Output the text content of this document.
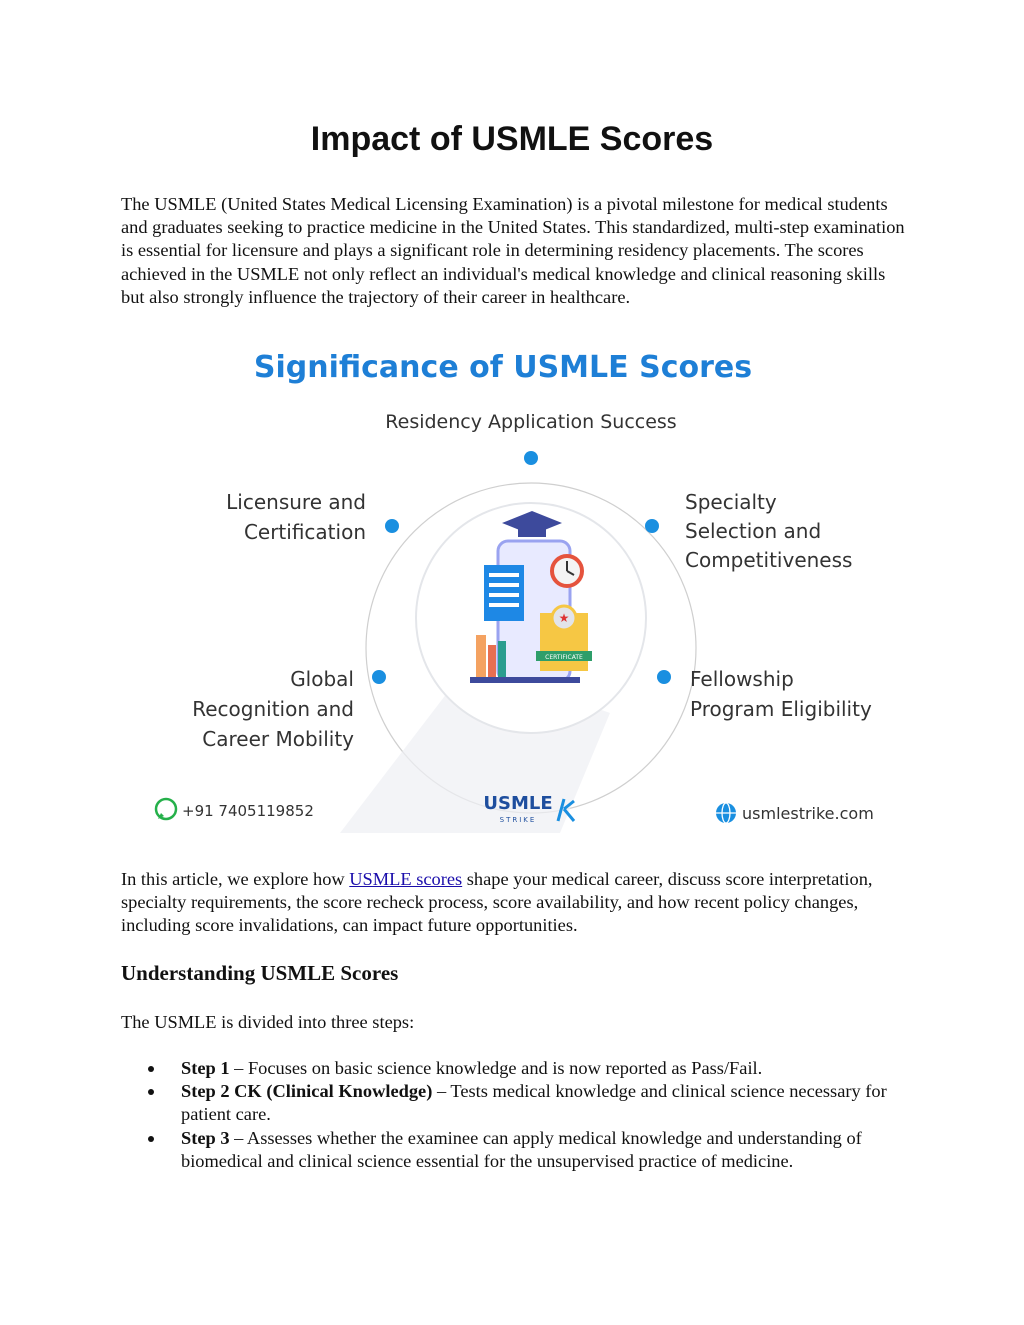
Impact of USMLE Scores

The USMLE (United States Medical Licensing Examination) is a pivotal milestone for medical students and graduates seeking to practice medicine in the United States. This standardized, multi-step examination is essential for licensure and plays a significant role in determining residency placements. The scores achieved in the USMLE not only reflect an individual's medical knowledge and clinical reasoning skills but also strongly influence the trajectory of their career in healthcare.

Significance of USMLE Scores
Residency Application Success
★
CERTIFICATE
Licensure and
Certification
Specialty
Selection and
Competitiveness
Global
Recognition and
Career Mobility
Fellowship
Program Eligibility
+91 7405119852	USMLE
STRIKE	usmlestrike.com

In this article, we explore how USMLE scores shape your medical career, discuss score interpretation, specialty requirements, the score recheck process, score availability, and how recent policy changes, including score invalidations, can impact future opportunities.

Understanding USMLE Scores

The USMLE is divided into three steps:

Step 1 – Focuses on basic science knowledge and is now reported as Pass/Fail.
Step 2 CK (Clinical Knowledge) – Tests medical knowledge and clinical science necessary for patient care.
Step 3 – Assesses whether the examinee can apply medical knowledge and understanding of biomedical and clinical science essential for the unsupervised practice of medicine.
